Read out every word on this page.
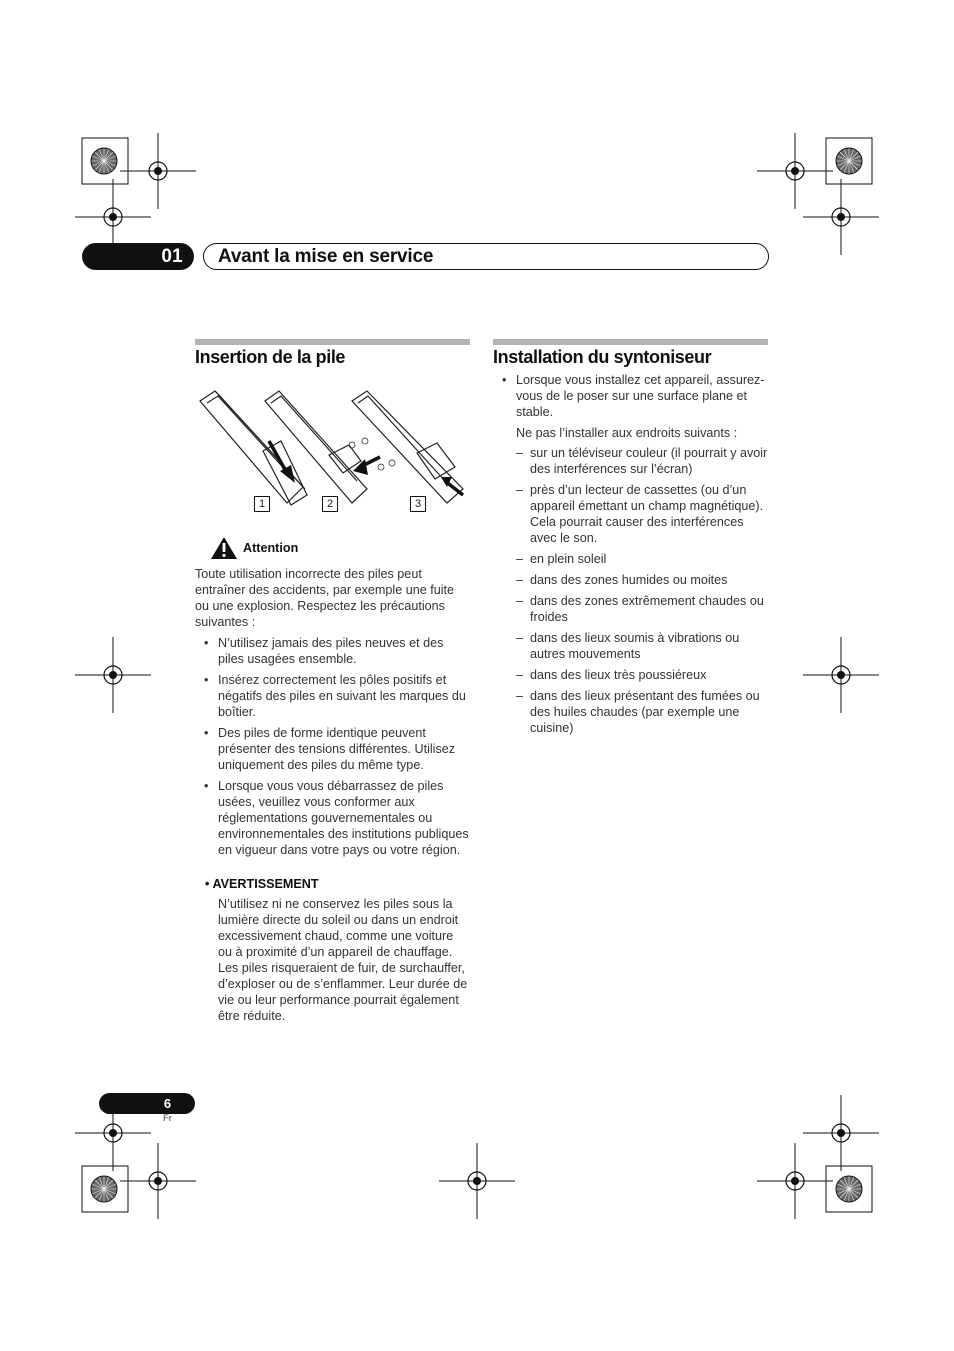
01	Avant la mise en service
Insertion de la pile
1	2	3
Attention
Toute utilisation incorrecte des piles peut entraîner des accidents, par exemple une fuite ou une explosion. Respectez les précautions suivantes :
• N’utilisez jamais des piles neuves et des piles usagées ensemble.
• Insérez correctement les pôles positifs et négatifs des piles en suivant les marques du boîtier.
• Des piles de forme identique peuvent présenter des tensions différentes. Utilisez uniquement des piles du même type.
• Lorsque vous vous débarrassez de piles usées, veuillez vous conformer aux réglementations gouvernementales ou environnementales des institutions publiques en vigueur dans votre pays ou votre région.
• AVERTISSEMENT
N’utilisez ni ne conservez les piles sous la lumière directe du soleil ou dans un endroit excessivement chaud, comme une voiture ou à proximité d’un appareil de chauffage. Les piles risqueraient de fuir, de surchauffer, d’exploser ou de s’enflammer. Leur durée de vie ou leur performance pourrait également être réduite.
Installation du syntoniseur
• Lorsque vous installez cet appareil, assurez-vous de le poser sur une surface plane et stable.
Ne pas l’installer aux endroits suivants :
– sur un téléviseur couleur (il pourrait y avoir des interférences sur l’écran)
– près d’un lecteur de cassettes (ou d’un appareil émettant un champ magnétique). Cela pourrait causer des interférences avec le son.
– en plein soleil
– dans des zones humides ou moites
– dans des zones extrêmement chaudes ou froides
– dans des lieux soumis à vibrations ou autres mouvements
– dans des lieux très poussiéreux
– dans des lieux présentant des fumées ou des huiles chaudes (par exemple une cuisine)
6
Fr
